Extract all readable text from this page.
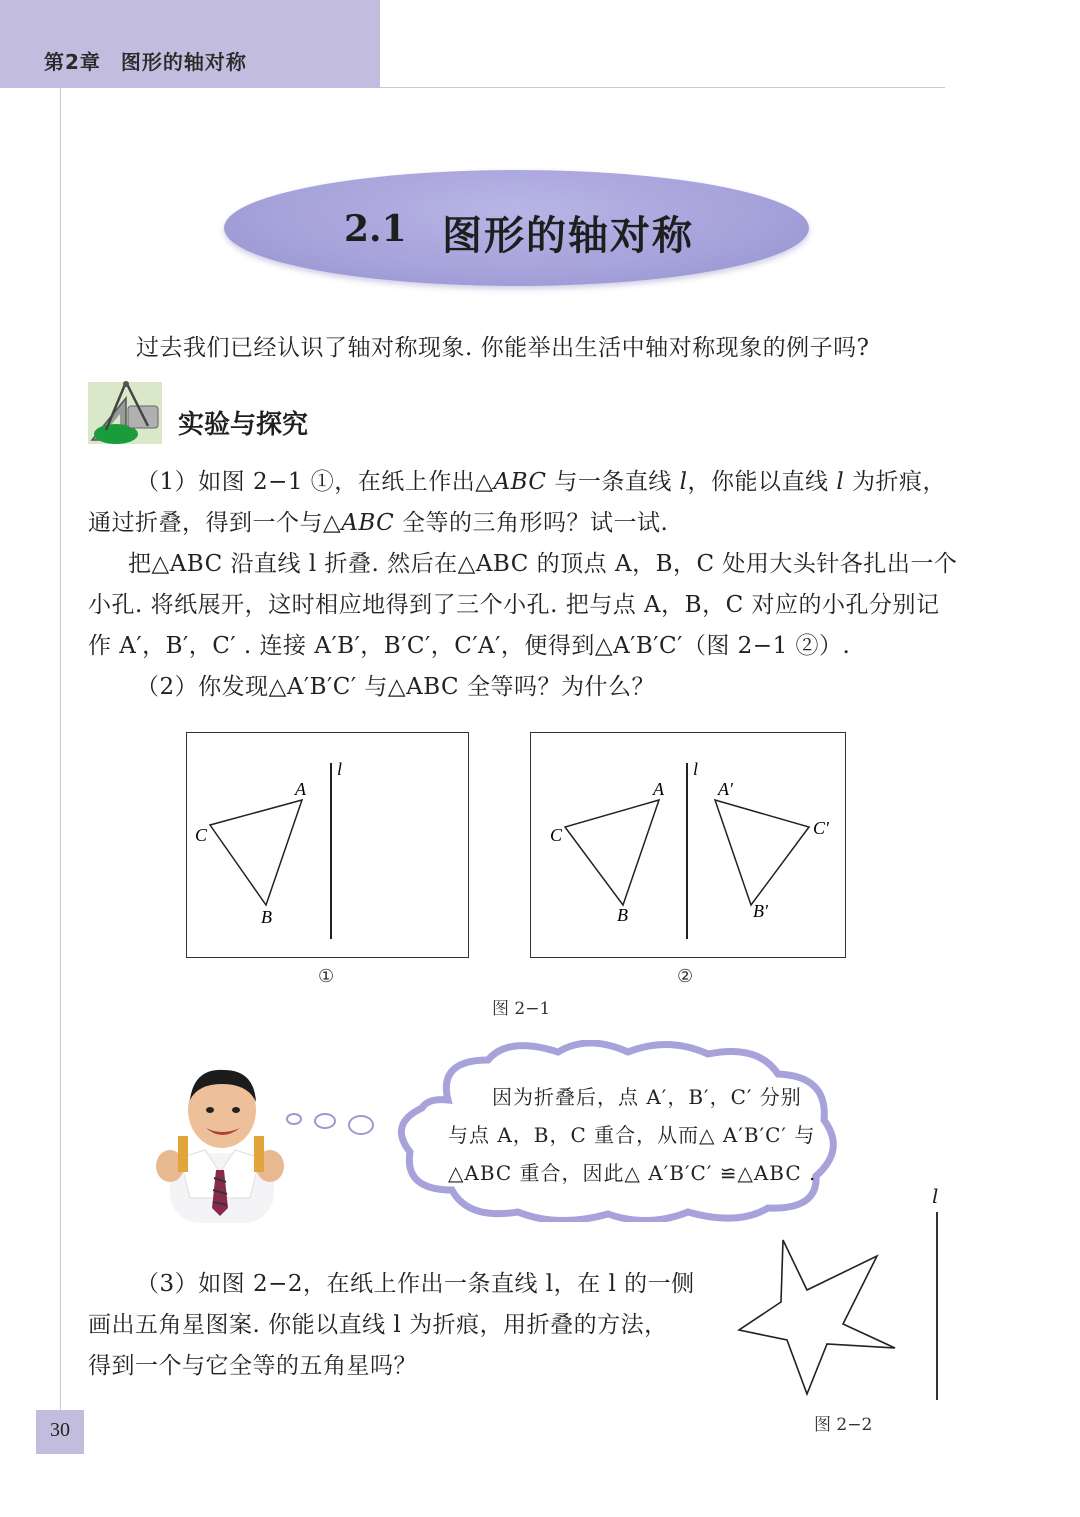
第2章 图形的轴对称
2.1 图形的轴对称
过去我们已经认识了轴对称现象. 你能举出生活中轴对称现象的例子吗?
实验与探究
（1）如图 2−1 ①，在纸上作出△ABC 与一条直线 l，你能以直线 l 为折痕，
通过折叠，得到一个与△ABC 全等的三角形吗？试一试.
把△ABC 沿直线 l 折叠. 然后在△ABC 的顶点 A，B，C 处用大头针各扎出一个小孔. 将纸展开，这时相应地得到了三个小孔. 把与点 A，B，C 对应的小孔分别记作 A′，B′，C′ . 连接 A′B′，B′C′，C′A′，便得到△A′B′C′（图 2−1 ②）.
（2）你发现△A′B′C′ 与△ABC 全等吗？为什么？
l
A
C
B
①
l
A
C
B
A′
C′
B′
②
图 2−1
因为折叠后，点 A′，B′，C′ 分别
与点 A，B，C 重合，从而△ A′B′C′ 与
△ABC 重合，因此△ A′B′C′ ≌△ABC .
（3）如图 2−2，在纸上作出一条直线 l，在 l 的一侧
画出五角星图案. 你能以直线 l 为折痕，用折叠的方法，
得到一个与它全等的五角星吗？
l
图 2−2
30
